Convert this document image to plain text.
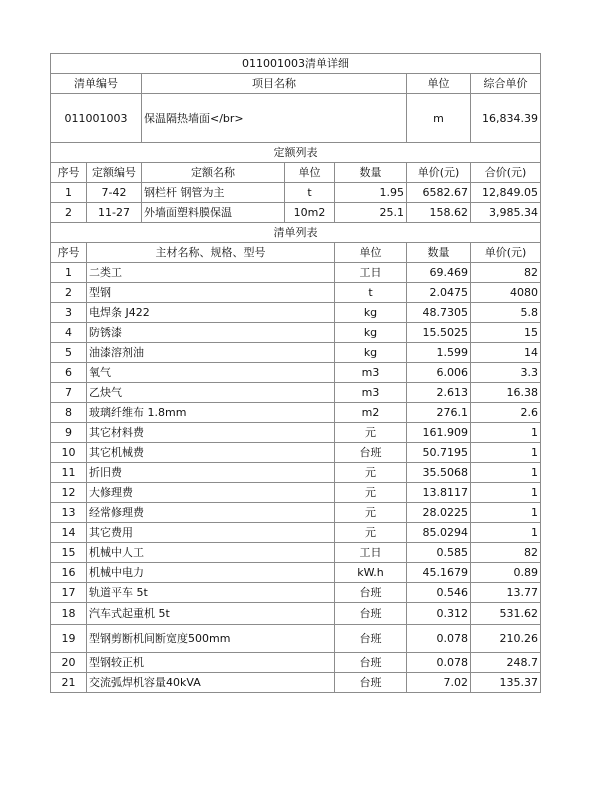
011001003清单详细							
清单编号		项目名称			单位	综合单价	
011001003		保温隔热墙面</br>			m	16,834.39	
定额列表							
序号	定额编号	定额名称	单位	数量	单价(元)	合价(元)	
1	7-42	钢栏杆 钢管为主	t	1.95	6582.67	12,849.05	
2	11-27	外墙面塑料膜保温	10m2	25.1	158.62	3,985.34	
清单列表							
序号	主材名称、规格、型号			单位	数量	单价(元)	
1	二类工			工日	69.469	82	
2	型钢			t	2.0475	4080	
3	电焊条 J422			kg	48.7305	5.8	
4	防锈漆			kg	15.5025	15	
5	油漆溶剂油			kg	1.599	14	
6	氧气			m3	6.006	3.3	
7	乙炔气			m3	2.613	16.38	
8	玻璃纤维布 1.8mm			m2	276.1	2.6	
9	其它材料费			元	161.909	1	
10	其它机械费			台班	50.7195	1	
11	折旧费			元	35.5068	1	
12	大修理费			元	13.8117	1	
13	经常修理费			元	28.0225	1	
14	其它费用			元	85.0294	1	
15	机械中人工			工日	0.585	82	
16	机械中电力			kW.h	45.1679	0.89	
17	轨道平车 5t			台班	0.546	13.77	
18	汽车式起重机 5t			台班	0.312	531.62	
19	型钢剪断机间断宽度500mm			台班	0.078	210.26	
20	型钢较正机			台班	0.078	248.7	
21	交流弧焊机容量40kVA			台班	7.02	135.37	
